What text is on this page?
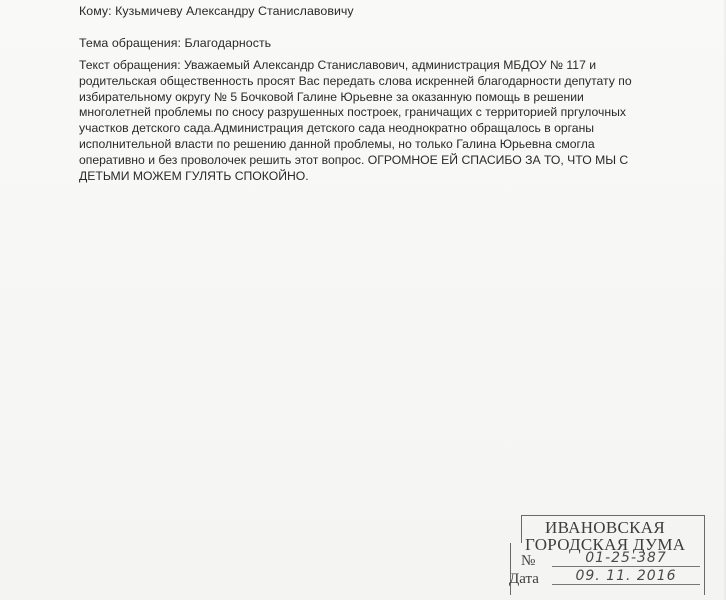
Кому: Кузьмичеву Александру Станиславовичу
Тема обращения: Благодарность
Текст обращения: Уважаемый Александр Станиславович, администрация МБДОУ № 117 и
родительская общественность просят Вас передать слова искренней благодарности депутату по
избирательному округу № 5 Бочковой Галине Юрьевне за оказанную помощь в решении
многолетней проблемы по сносу разрушенных построек, граничащих с территорией пргулочных
участков детского сада.Администрация детского сада неоднократно обращалось в органы
исполнительной власти по решению данной проблемы, но только Галина Юрьевна смогла
оперативно и без проволочек решить этот вопрос. ОГРОМНОЕ ЕЙ СПАСИБО ЗА ТО, ЧТО МЫ С
ДЕТЬМИ МОЖЕМ ГУЛЯТЬ СПОКОЙНО.
ИВАНОВСКАЯ
ГОРОДСКАЯ ДУМА
№	01-25-387
Дата	09. 11. 2016
